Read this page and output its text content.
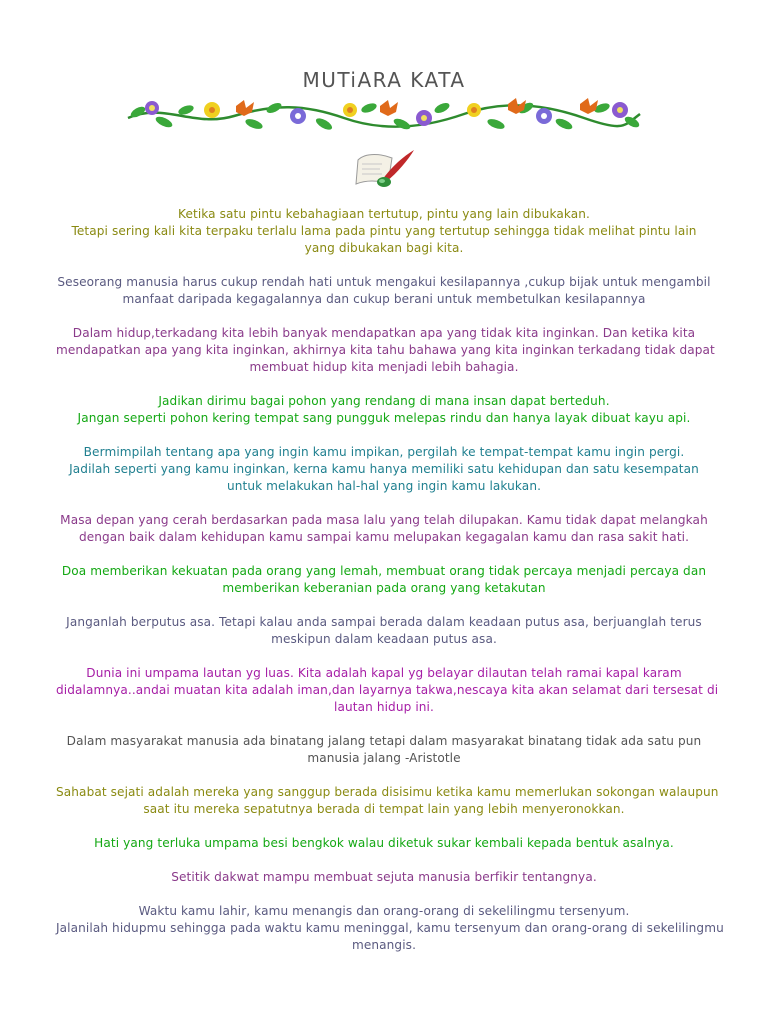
MUTiARA KATA

Ketika satu pintu kebahagiaan tertutup, pintu yang lain dibukakan.
Tetapi sering kali kita terpaku terlalu lama pada pintu yang tertutup sehingga tidak melihat pintu lain
yang dibukakan bagi kita.

Seseorang manusia harus cukup rendah hati untuk mengakui kesilapannya ,cukup bijak untuk mengambil
manfaat daripada kegagalannya dan cukup berani untuk membetulkan kesilapannya

Dalam hidup,terkadang kita lebih banyak mendapatkan apa yang tidak kita inginkan. Dan ketika kita
mendapatkan apa yang kita inginkan, akhirnya kita tahu bahawa yang kita inginkan terkadang tidak dapat
membuat hidup kita menjadi lebih bahagia.

Jadikan dirimu bagai pohon yang rendang di mana insan dapat berteduh.
Jangan seperti pohon kering tempat sang pungguk melepas rindu dan hanya layak dibuat kayu api.

Bermimpilah tentang apa yang ingin kamu impikan, pergilah ke tempat-tempat kamu ingin pergi.
Jadilah seperti yang kamu inginkan, kerna kamu hanya memiliki satu kehidupan dan satu kesempatan
untuk melakukan hal-hal yang ingin kamu lakukan.

Masa depan yang cerah berdasarkan pada masa lalu yang telah dilupakan. Kamu tidak dapat melangkah
dengan baik dalam kehidupan kamu sampai kamu melupakan kegagalan kamu dan rasa sakit hati.

Doa memberikan kekuatan pada orang yang lemah, membuat orang tidak percaya menjadi percaya dan
memberikan keberanian pada orang yang ketakutan

Janganlah berputus asa. Tetapi kalau anda sampai berada dalam keadaan putus asa, berjuanglah terus
meskipun dalam keadaan putus asa.

Dunia ini umpama lautan yg luas. Kita adalah kapal yg belayar dilautan telah ramai kapal karam
didalamnya..andai muatan kita adalah iman,dan layarnya takwa,nescaya kita akan selamat dari tersesat di
lautan hidup ini.

Dalam masyarakat manusia ada binatang jalang tetapi dalam masyarakat binatang tidak ada satu pun
manusia jalang -Aristotle

Sahabat sejati adalah mereka yang sanggup berada disisimu ketika kamu memerlukan sokongan walaupun
saat itu mereka sepatutnya berada di tempat lain yang lebih menyeronokkan.

Hati yang terluka umpama besi bengkok walau diketuk sukar kembali kepada bentuk asalnya.

Setitik dakwat mampu membuat sejuta manusia berfikir tentangnya.

Waktu kamu lahir, kamu menangis dan orang-orang di sekelilingmu tersenyum.
Jalanilah hidupmu sehingga pada waktu kamu meninggal, kamu tersenyum dan orang-orang di sekelilingmu
menangis.
